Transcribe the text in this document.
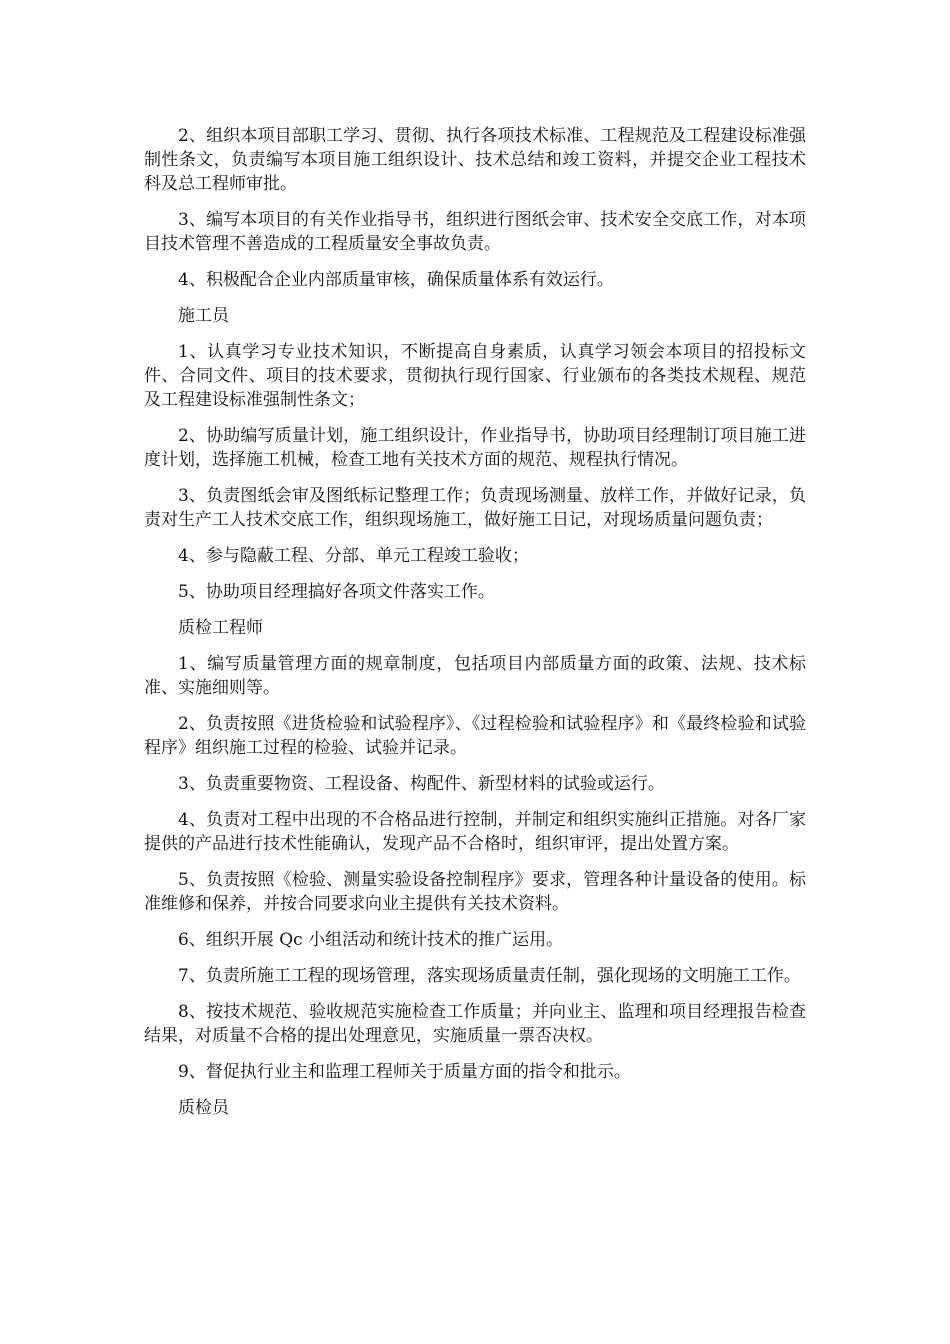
2、组织本项目部职工学习、贯彻、执行各项技术标准、工程规范及工程建设标准强制性条文，负责编写本项目施工组织设计、技术总结和竣工资料，并提交企业工程技术科及总工程师审批。

3、编写本项目的有关作业指导书，组织进行图纸会审、技术安全交底工作，对本项目技术管理不善造成的工程质量安全事故负责。

4、积极配合企业内部质量审核，确保质量体系有效运行。

施工员

1、认真学习专业技术知识，不断提高自身素质，认真学习领会本项目的招投标文件、合同文件、项目的技术要求，贯彻执行现行国家、行业颁布的各类技术规程、规范及工程建设标准强制性条文；

2、协助编写质量计划，施工组织设计，作业指导书，协助项目经理制订项目施工进度计划，选择施工机械，检查工地有关技术方面的规范、规程执行情况。

3、负责图纸会审及图纸标记整理工作；负责现场测量、放样工作，并做好记录，负责对生产工人技术交底工作，组织现场施工，做好施工日记，对现场质量问题负责；

4、参与隐蔽工程、分部、单元工程竣工验收；

5、协助项目经理搞好各项文件落实工作。

质检工程师

1、编写质量管理方面的规章制度，包括项目内部质量方面的政策、法规、技术标准、实施细则等。

2、负责按照《进货检验和试验程序》、《过程检验和试验程序》和《最终检验和试验程序》组织施工过程的检验、试验并记录。

3、负责重要物资、工程设备、构配件、新型材料的试验或运行。

4、负责对工程中出现的不合格品进行控制，并制定和组织实施纠正措施。对各厂家提供的产品进行技术性能确认，发现产品不合格时，组织审评，提出处置方案。

5、负责按照《检验、测量实验设备控制程序》要求，管理各种计量设备的使用。标准维修和保养，并按合同要求向业主提供有关技术资料。

6、组织开展 Qc 小组活动和统计技术的推广运用。

7、负责所施工工程的现场管理，落实现场质量责任制，强化现场的文明施工工作。

8、按技术规范、验收规范实施检查工作质量；并向业主、监理和项目经理报告检查结果，对质量不合格的提出处理意见，实施质量一票否决权。

9、督促执行业主和监理工程师关于质量方面的指令和批示。

质检员
